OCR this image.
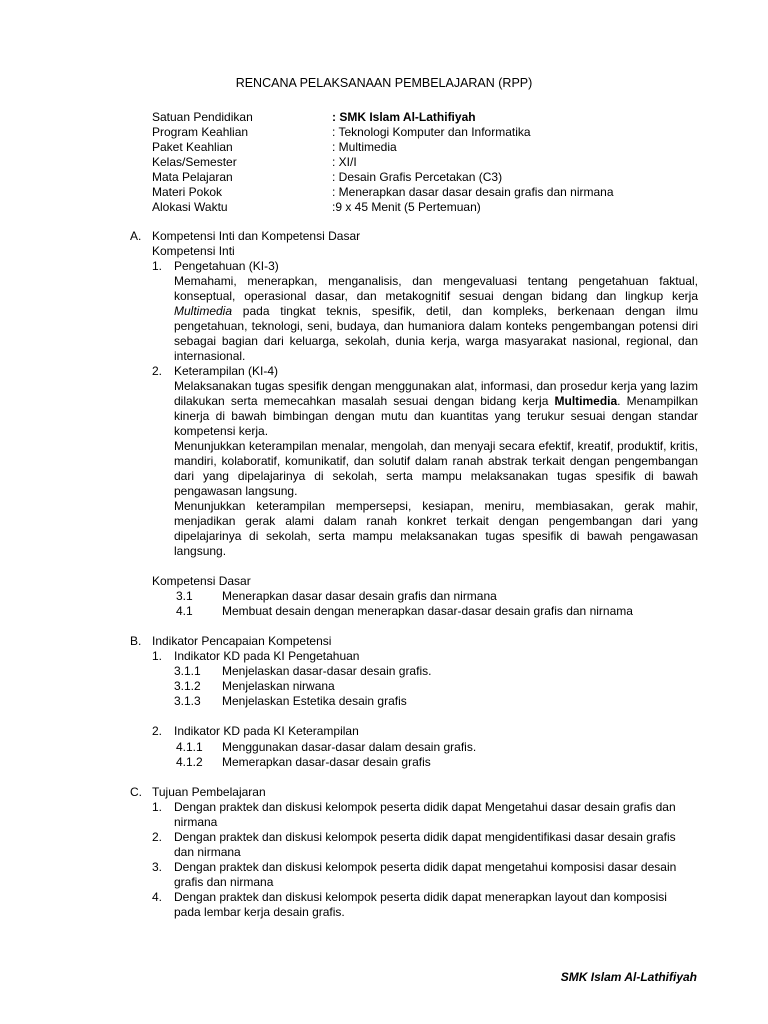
RENCANA PELAKSANAAN PEMBELAJARAN (RPP)
Satuan Pendidikan	: SMK Islam Al-Lathifiyah
Program Keahlian	: Teknologi Komputer dan Informatika
Paket Keahlian	: Multimedia
Kelas/Semester	: XI/I
Mata Pelajaran	: Desain Grafis Percetakan (C3)
Materi Pokok	: Menerapkan dasar dasar desain grafis dan nirmana
Alokasi Waktu	:9 x 45 Menit (5 Pertemuan)
A. Kompetensi Inti dan Kompetensi Dasar
Kompetensi Inti
1. Pengetahuan (KI-3)
Memahami, menerapkan, menganalisis, dan mengevaluasi tentang pengetahuan faktual, konseptual, operasional dasar, dan metakognitif sesuai dengan bidang dan lingkup kerja Multimedia pada tingkat teknis, spesifik, detil, dan kompleks, berkenaan dengan ilmu pengetahuan, teknologi, seni, budaya, dan humaniora dalam konteks pengembangan potensi diri sebagai bagian dari keluarga, sekolah, dunia kerja, warga masyarakat nasional, regional, dan internasional.
2. Keterampilan (KI-4)
Melaksanakan tugas spesifik dengan menggunakan alat, informasi, dan prosedur kerja yang lazim dilakukan serta memecahkan masalah sesuai dengan bidang kerja Multimedia. Menampilkan kinerja di bawah bimbingan dengan mutu dan kuantitas yang terukur sesuai dengan standar kompetensi kerja.
Menunjukkan keterampilan menalar, mengolah, dan menyaji secara efektif, kreatif, produktif, kritis, mandiri, kolaboratif, komunikatif, dan solutif dalam ranah abstrak terkait dengan pengembangan dari yang dipelajarinya di sekolah, serta mampu melaksanakan tugas spesifik di bawah pengawasan langsung.
Menunjukkan keterampilan mempersepsi, kesiapan, meniru, membiasakan, gerak mahir, menjadikan gerak alami dalam ranah konkret terkait dengan pengembangan dari yang dipelajarinya di sekolah, serta mampu melaksanakan tugas spesifik di bawah pengawasan langsung.
Kompetensi Dasar
3.1 Menerapkan dasar dasar desain grafis dan nirmana
4.1 Membuat desain dengan menerapkan dasar-dasar desain grafis dan nirnama
B. Indikator Pencapaian Kompetensi
1. Indikator KD pada KI Pengetahuan
3.1.1 Menjelaskan dasar-dasar desain grafis.
3.1.2 Menjelaskan nirwana
3.1.3 Menjelaskan Estetika desain grafis
2. Indikator KD pada KI Keterampilan
4.1.1 Menggunakan dasar-dasar dalam desain grafis.
4.1.2 Memerapkan dasar-dasar desain grafis
C. Tujuan Pembelajaran
1. Dengan praktek dan diskusi kelompok peserta didik dapat Mengetahui dasar desain grafis dan
nirmana
2. Dengan praktek dan diskusi kelompok peserta didik dapat mengidentifikasi dasar desain grafis
dan nirmana
3. Dengan praktek dan diskusi kelompok peserta didik dapat mengetahui komposisi dasar desain
grafis dan nirmana
4. Dengan praktek dan diskusi kelompok peserta didik dapat menerapkan layout dan komposisi
pada lembar kerja desain grafis.
SMK Islam Al-Lathifiyah
